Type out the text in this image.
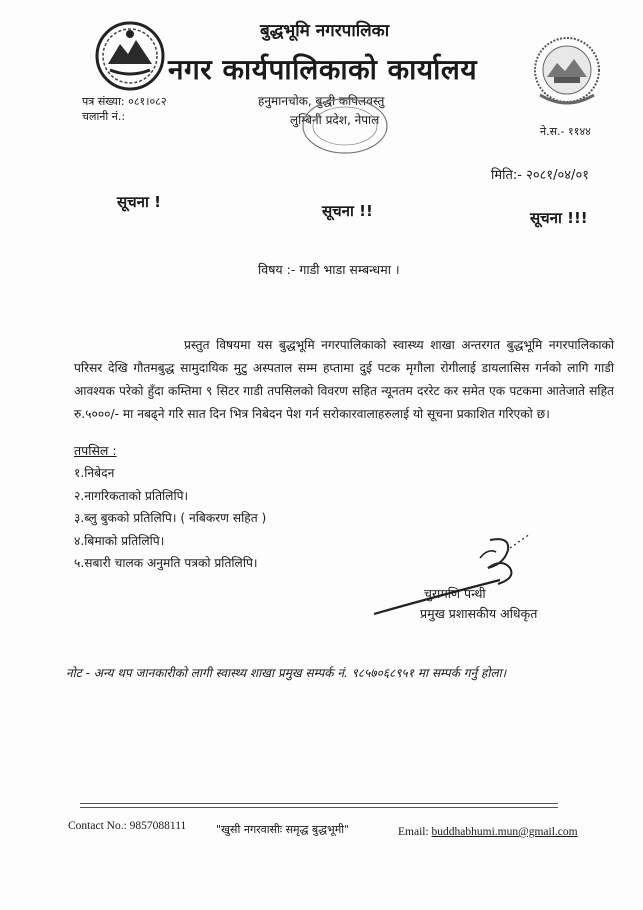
बुद्धभूमि नगरपालिका
नगर कार्यपालिकाको कार्यालय
हनुमानचोक, बुद्धी कपिलवस्तु
लुम्बिनी प्रदेश, नेपाल
पत्र संख्या: ०८१।०८२
चलानी नं.:
ने.स.- ११४४
मिति:- २०८१/०४/०१
सूचना !	सूचना !!	सूचना !!!
विषय :- गाडी भाडा सम्बन्धमा ।

प्रस्तुत विषयमा यस बुद्धभूमि नगरपालिकाको स्वास्थ्य शाखा अन्तरगत बुद्धभूमि नगरपालिकाको परिसर देखि गौतमबुद्ध सामुदायिक मुटु अस्पताल सम्म हप्तामा दुई पटक मृगौला रोगीलाई डायलासिस गर्नको लागि गाडी आवश्यक परेको हुँदा कम्तिमा ९ सिटर गाडी तपसिलको विवरण सहित न्यूनतम दररेट कर समेत एक पटकमा आतेजाते सहित रु.५०००/- मा नबढ्ने गरि सात दिन भित्र निबेदन पेश गर्न सरोकारवालाहरुलाई यो सूचना प्रकाशित गरिएको छ।

तपसिल :
१.निबेदन
२.नागरिकताको प्रतिलिपि।
३.ब्लु बुकको प्रतिलिपि। ( नबिकरण सहित )
४.बिमाको प्रतिलिपि।
५.सबारी चालक अनुमति पत्रको प्रतिलिपि।
चुरामणि पन्थी
प्रमुख प्रशासकीय अधिकृत
नोट - अन्य थप जानकारीको लागी स्वास्थ्य शाखा प्रमुख सम्पर्क नं. ९८५७०६८९५१ मा सम्पर्क गर्नु होला।
Contact No.: 9857088111	"खुसी नगरवासीः समृद्ध बुद्धभूमी"	Email: buddhabhumi.mun@gmail.com
